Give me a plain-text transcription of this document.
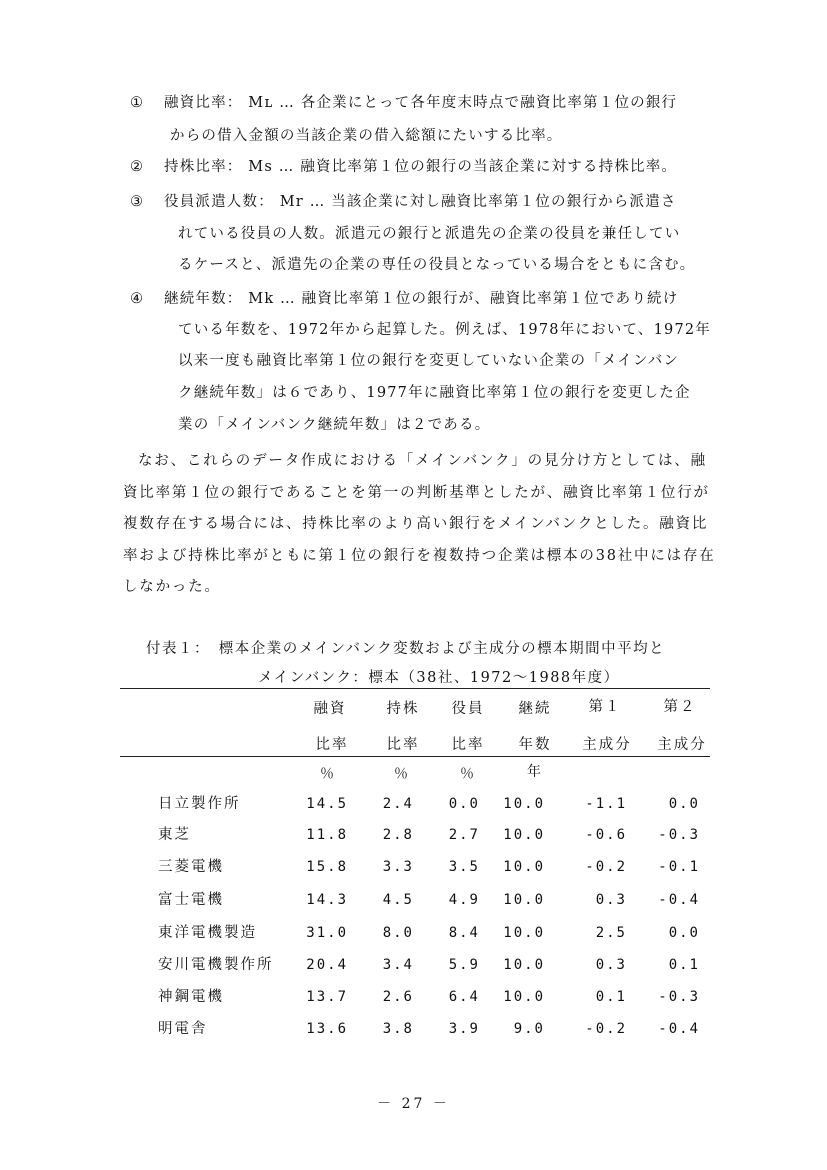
① 融資比率： Mʟ … 各企業にとって各年度末時点で融資比率第１位の銀行
からの借入金額の当該企業の借入総額にたいする比率。
② 持株比率： Ms … 融資比率第１位の銀行の当該企業に対する持株比率。
③ 役員派遣人数： Mr … 当該企業に対し融資比率第１位の銀行から派遣さ
れている役員の人数。派遣元の銀行と派遣先の企業の役員を兼任してい
るケースと、派遣先の企業の専任の役員となっている場合をともに含む。
④ 継続年数： Mk … 融資比率第１位の銀行が、融資比率第１位であり続け
ている年数を、1972年から起算した。例えば、1978年において、1972年
以来一度も融資比率第１位の銀行を変更していない企業の「メインバン
ク継続年数」は６であり、1977年に融資比率第１位の銀行を変更した企
業の「メインバンク継続年数」は２である。
なお、これらのデータ作成における「メインバンク」の見分け方としては、融
資比率第１位の銀行であることを第一の判断基準としたが、融資比率第１位行が
複数存在する場合には、持株比率のより高い銀行をメインバンクとした。融資比
率および持株比率がともに第１位の銀行を複数持つ企業は標本の38社中には存在
しなかった。
付表１：　標本企業のメインバンク変数および主成分の標本期間中平均と
メインバンク：標本（38社、1972～1988年度）
融資	持株	役員	継続	第１	第２
比率	比率	比率	年数	主成分	主成分
％	％	％	年
日立製作所	14.5	2.4	0.0	10.0	-1.1	0.0
東芝	11.8	2.8	2.7	10.0	-0.6	-0.3
三菱電機	15.8	3.3	3.5	10.0	-0.2	-0.1
富士電機	14.3	4.5	4.9	10.0	0.3	-0.4
東洋電機製造	31.0	8.0	8.4	10.0	2.5	0.0
安川電機製作所	20.4	3.4	5.9	10.0	0.3	0.1
神鋼電機	13.7	2.6	6.4	10.0	0.1	-0.3
明電舎	13.6	3.8	3.9	9.0	-0.2	-0.4
－ 27 －
